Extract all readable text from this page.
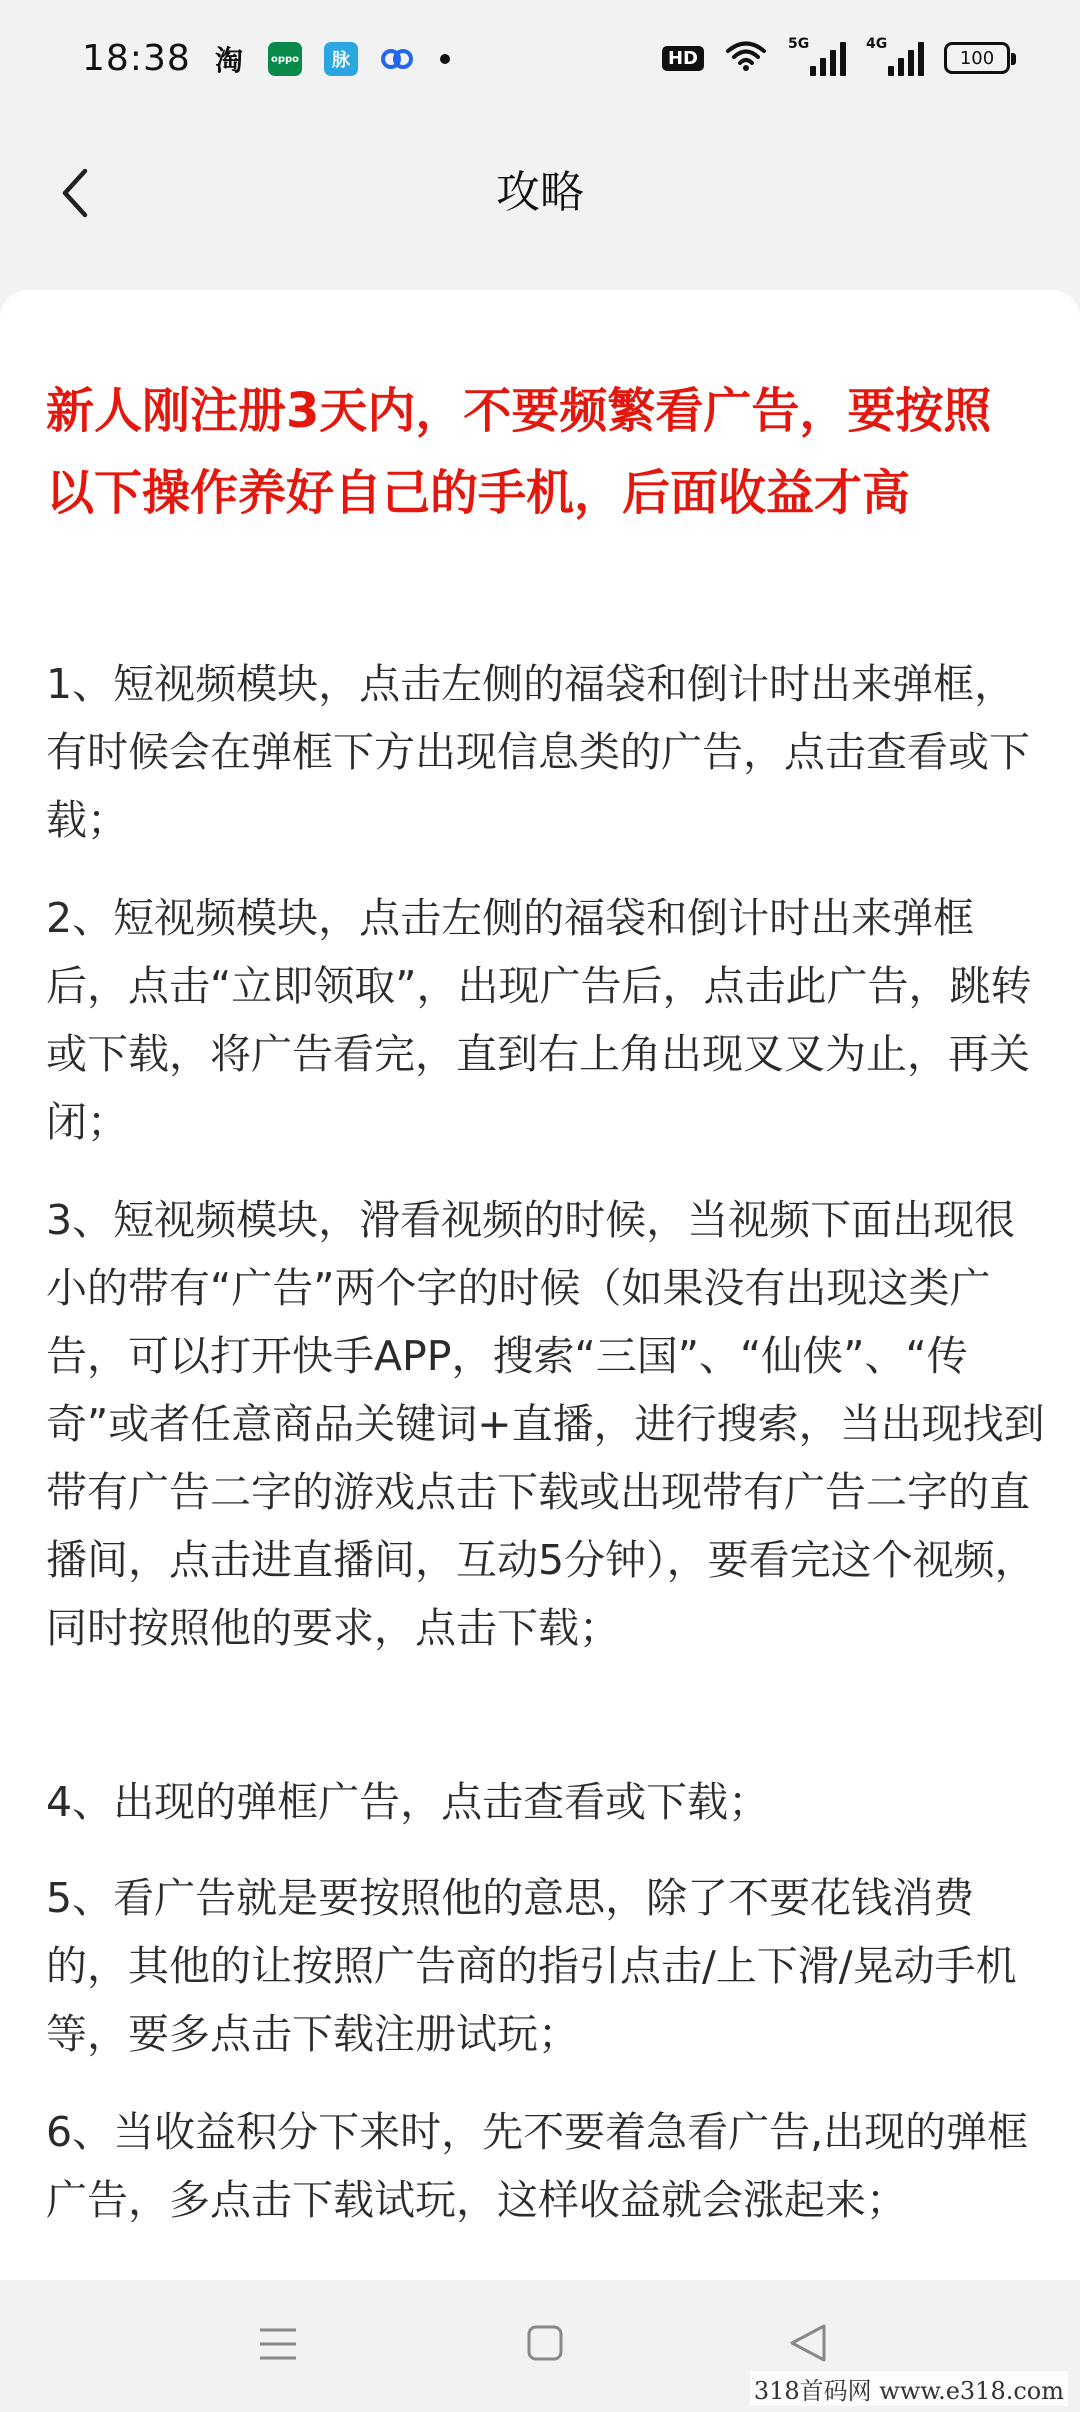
18:38 淘	oppo	脉	HD
5G	4G
100
攻略
新人刚注册3天内，不要频繁看广告，要按照以下操作养好自己的手机，后面收益才高
1、短视频模块，点击左侧的福袋和倒计时出来弹框，有时候会在弹框下方出现信息类的广告，点击查看或下载；
2、短视频模块，点击左侧的福袋和倒计时出来弹框后，点击“立即领取”，出现广告后，点击此广告，跳转或下载，将广告看完，直到右上角出现叉叉为止，再关闭；
3、短视频模块，滑看视频的时候，当视频下面出现很小的带有“广告”两个字的时候（如果没有出现这类广告，可以打开快手APP，搜索“三国”、“仙侠”、“传奇”或者任意商品关键词+直播，进行搜索，当出现找到带有广告二字的游戏点击下载或出现带有广告二字的直播间，点击进直播间，互动5分钟），要看完这个视频，同时按照他的要求，点击下载；
4、出现的弹框广告，点击查看或下载；
5、看广告就是要按照他的意思，除了不要花钱消费的，其他的让按照广告商的指引点击/上下滑/晃动手机等，要多点击下载注册试玩；
6、当收益积分下来时，先不要着急看广告,出现的弹框广告，多点击下载试玩，这样收益就会涨起来；
318首码网 www.e318.com
